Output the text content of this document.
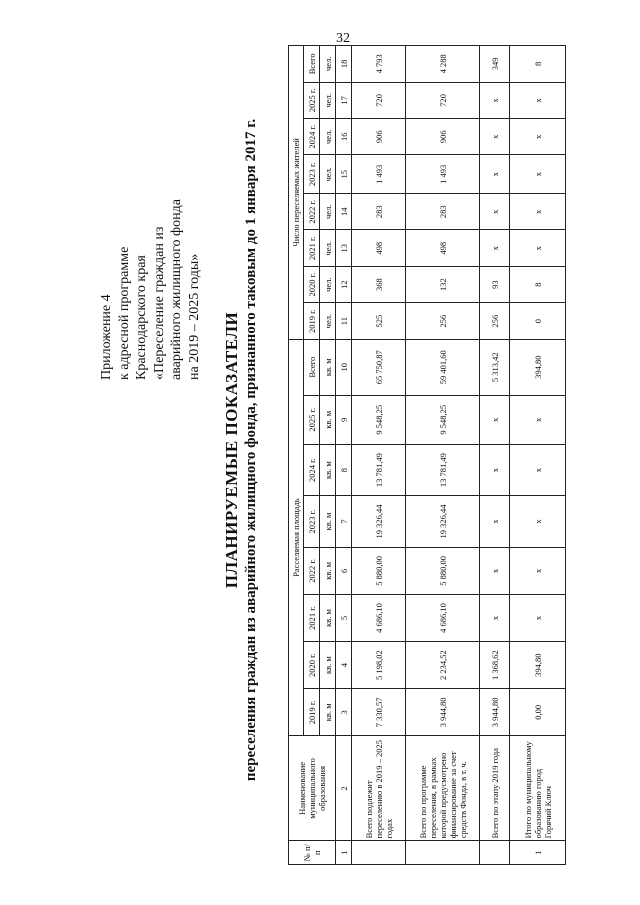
32
Приложение 4 к адресной программе Краснодарского края «Переселение граждан из аварийного жилищного фонда на 2019 – 2025 годы» ПЛАНИРУЕМЫЕ ПОКАЗАТЕЛИ переселения граждан из аварийного жилищного фонда, признанного таковым до 1 января 2017 г.
№ п/п	Наименование муниципального образования	Расселяемая площадь								Число переселяемых жителей							
		2019 г.	2020 г.	2021 г.	2022 г.	2023 г.	2024 г.	2025 г.	Всего	2019 г.	2020 г.	2021 г.	2022 г.	2023 г.	2024 г.	2025 г.	Всего
		кв. м	кв. м	кв. м	кв. м	кв. м	кв. м	кв. м	кв. м	чел.	чел.	чел.	чел.	чел.	чел.	чел.	чел.
1	2	3	4	5	6	7	8	9	10	11	12	13	14	15	16	17	18
	Всего подлежит переселению в 2019 – 2025 годах	7 330,57	5 198,02	4 686,10	5 880,00	19 326,44	13 781,49	9 548,25	65 750,87	525	368	498	283	1 493	906	720	4 793
	Всего по программе переселения, в рамках которой предусмотрено финансирование за счет средств Фонда, в т. ч.	3 944,80	2 234,52	4 686,10	5 880,00	19 326,44	13 781,49	9 548,25	59 401,60	256	132	498	283	1 493	906	720	4 288
	Всего по этапу 2019 года	3 944,80	1 368,62	x	x	x	x	x	5 313,42	256	93	x	x	x	x	x	349
1	Итого по муниципальному образованию город Горячий Ключ	0,00	394,80	x	x	x	x	x	394,80	0	8	x	x	x	x	x	8
